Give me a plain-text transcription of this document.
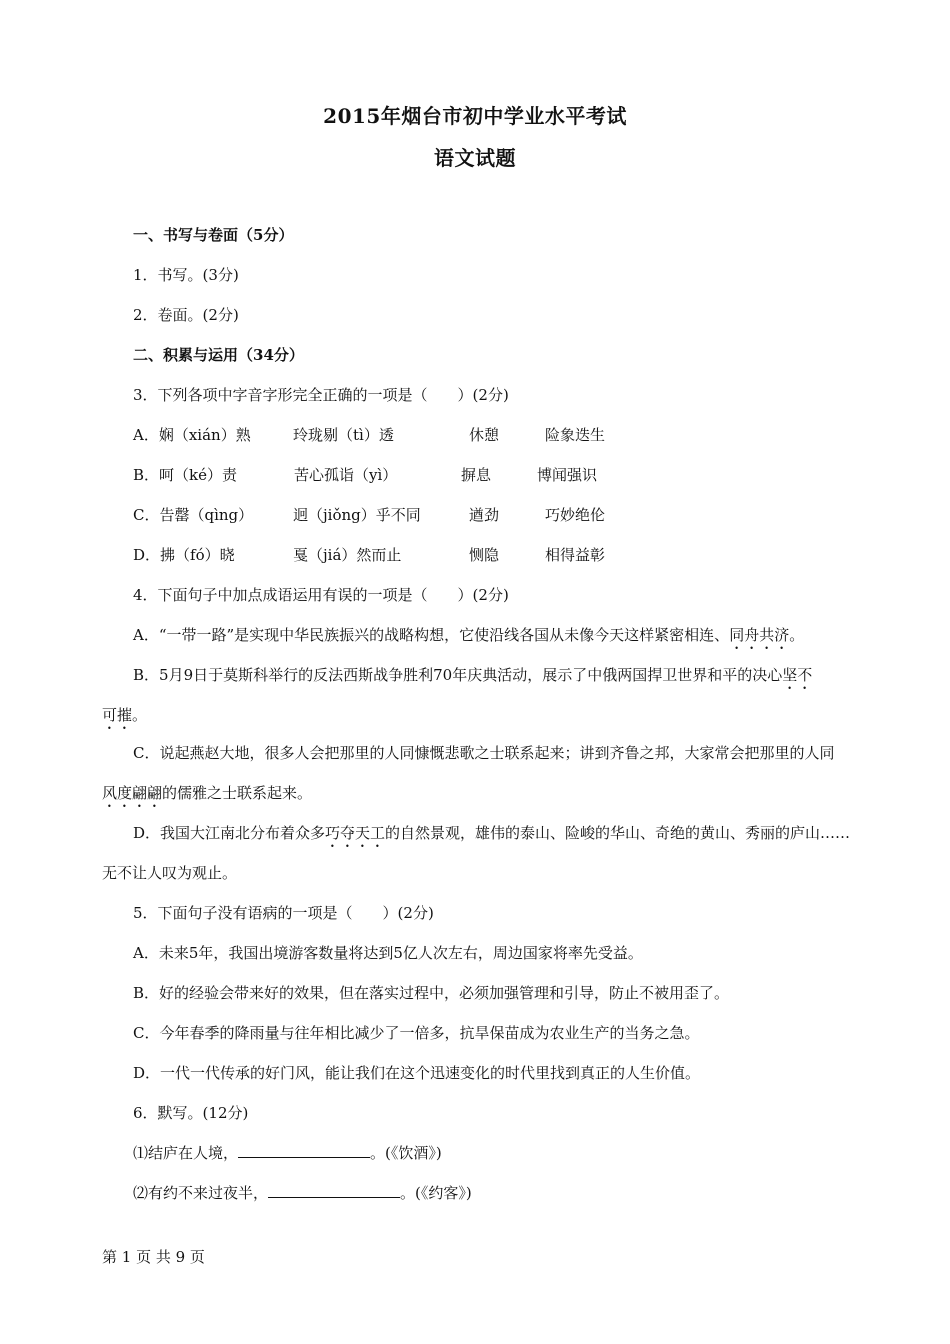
2015年烟台市初中学业水平考试
语文试题
一、书写与卷面（5分）
1．书写。(3分)
2．卷面。(2分)
二、积累与运用（34分）
3．下列各项中字音字形完全正确的一项是（　　）(2分)
A．娴（xián）熟	玲珑剔（tì）透	休憩	险象迭生
B．呵（ké）责	苦心孤诣（yì）	摒息	博闻强识
C．告罄（qìng）	迥（jiǒng）乎不同	遒劲	巧妙绝伦
D．拂（fó）晓	戛（jiá）然而止	恻隐	相得益彰
4．下面句子中加点成语运用有误的一项是（　　）(2分)
A．“一带一路”是实现中华民族振兴的战略构想，它使沿线各国从未像今天这样紧密相连、同舟共济。
B．5月9日于莫斯科举行的反法西斯战争胜利70年庆典活动，展示了中俄两国捍卫世界和平的决心坚不
可摧。
C．说起燕赵大地，很多人会把那里的人同慷慨悲歌之士联系起来；讲到齐鲁之邦，大家常会把那里的人同
风度翩翩的儒雅之士联系起来。
D．我国大江南北分布着众多巧夺天工的自然景观，雄伟的泰山、险峻的华山、奇绝的黄山、秀丽的庐山……
无不让人叹为观止。
5．下面句子没有语病的一项是（　　）(2分)
A．未来5年，我国出境游客数量将达到5亿人次左右，周边国家将率先受益。
B．好的经验会带来好的效果，但在落实过程中，必须加强管理和引导，防止不被用歪了。
C．今年春季的降雨量与往年相比减少了一倍多，抗旱保苗成为农业生产的当务之急。
D．一代一代传承的好门风，能让我们在这个迅速变化的时代里找到真正的人生价值。
6．默写。(12分)
⑴结庐在人境，	。(《饮酒》)
⑵有约不来过夜半，	。(《约客》)
第 1 页 共 9 页
